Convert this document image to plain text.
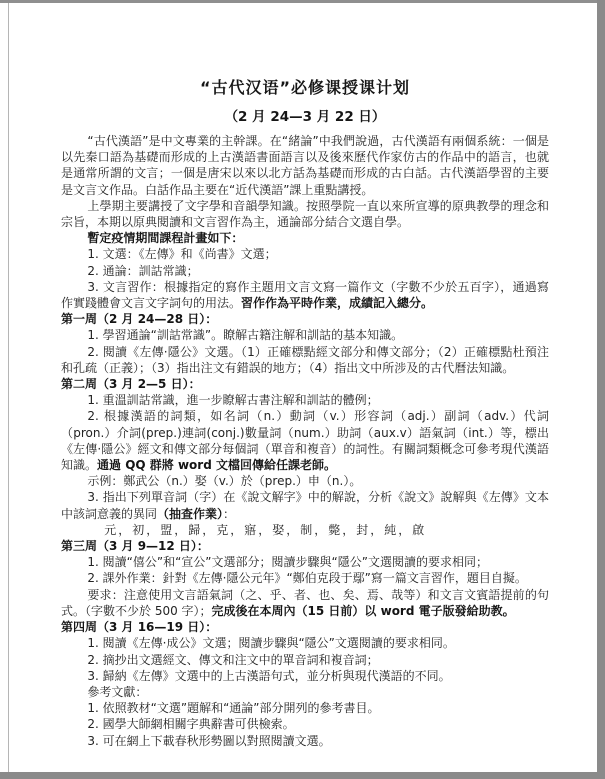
“古代汉语”必修课授课计划
（2 月 24—3 月 22 日）

“古代漢語”是中文專業的主幹課。在“緒論”中我們說過，古代漢語有兩個系統：一個是以先秦口語為基礎而形成的上古漢語書面語言以及後來歷代作家仿古的作品中的語言，也就是通常所謂的文言；一個是唐宋以來以北方話為基礎而形成的古白話。古代漢語學習的主要是文言文作品。白話作品主要在“近代漢語”課上重點講授。

上學期主要講授了文字學和音韻學知識。按照學院一直以來所宣導的原典教學的理念和宗旨，本期以原典閱讀和文言習作為主，通論部分結合文選自學。

暫定疫情期間課程計畫如下：

1. 文選：《左傳》和《尚書》文選；

2. 通論：訓詁常識；

3. 文言習作：根據指定的寫作主題用文言文寫一篇作文（字數不少於五百字），通過寫作實踐體會文言文字詞句的用法。習作作為平時作業，成績記入總分。

第一周（2 月 24—28 日）：

1. 學習通論“訓詁常識”。瞭解古籍注解和訓詁的基本知識。

2. 閱讀《左傳·隱公》文選。（1）正確標點經文部分和傳文部分；（2）正確標點杜預注和孔疏（正義）；（3）指出注文有錯誤的地方；（4）指出文中所涉及的古代曆法知識。

第二周（3 月 2—5 日）：

1. 重溫訓詁常識，進一步瞭解古書注解和訓詁的體例；

2. 根據漢語的詞類，如名詞（n.）動詞（v.）形容詞（adj.）副詞（adv.）代詞（pron.）介詞(prep.)連詞(conj.)數量詞（num.）助詞（aux.v）語氣詞（int.）等，標出《左傳·隱公》經文和傳文部分每個詞（單音和複音）的詞性。有關詞類概念可參考現代漢語知識。通過 QQ 群將 word 文檔回傳給任課老師。

示例：鄭武公（n.）娶（v.）於（prep.）申（n.）。

3. 指出下列單音詞（字）在《說文解字》中的解說，分析《說文》說解與《左傳》文本中該詞意義的異同（抽查作業）：

元，初，盟，歸，克，寤，娶，制，斃，封，純，啟

第三周（3 月 9—12 日）：

1. 閱讀“僖公”和“宣公”文選部分；閱讀步驟與“隱公”文選閱讀的要求相同；

2. 課外作業：針對《左傳·隱公元年》“鄭伯克段于鄢”寫一篇文言習作，題目自擬。

要求：注意使用文言語氣詞（之、乎、者、也、矣、焉、哉等）和文言文賓語提前的句式。（字數不少於 500 字）；完成後在本周內（15 日前）以 word 電子版發給助教。

第四周（3 月 16—19 日）：

1. 閱讀《左傳·成公》文選；閱讀步驟與“隱公”文選閱讀的要求相同。

2. 摘抄出文選經文、傳文和注文中的單音詞和複音詞；

3. 歸納《左傳》文選中的上古漢語句式，並分析與現代漢語的不同。

參考文獻：

1. 依照教材“文選”題解和“通論”部分開列的參考書目。

2. 國學大師網相關字典辭書可供檢索。

3. 可在網上下載春秋形勢圖以對照閱讀文選。
